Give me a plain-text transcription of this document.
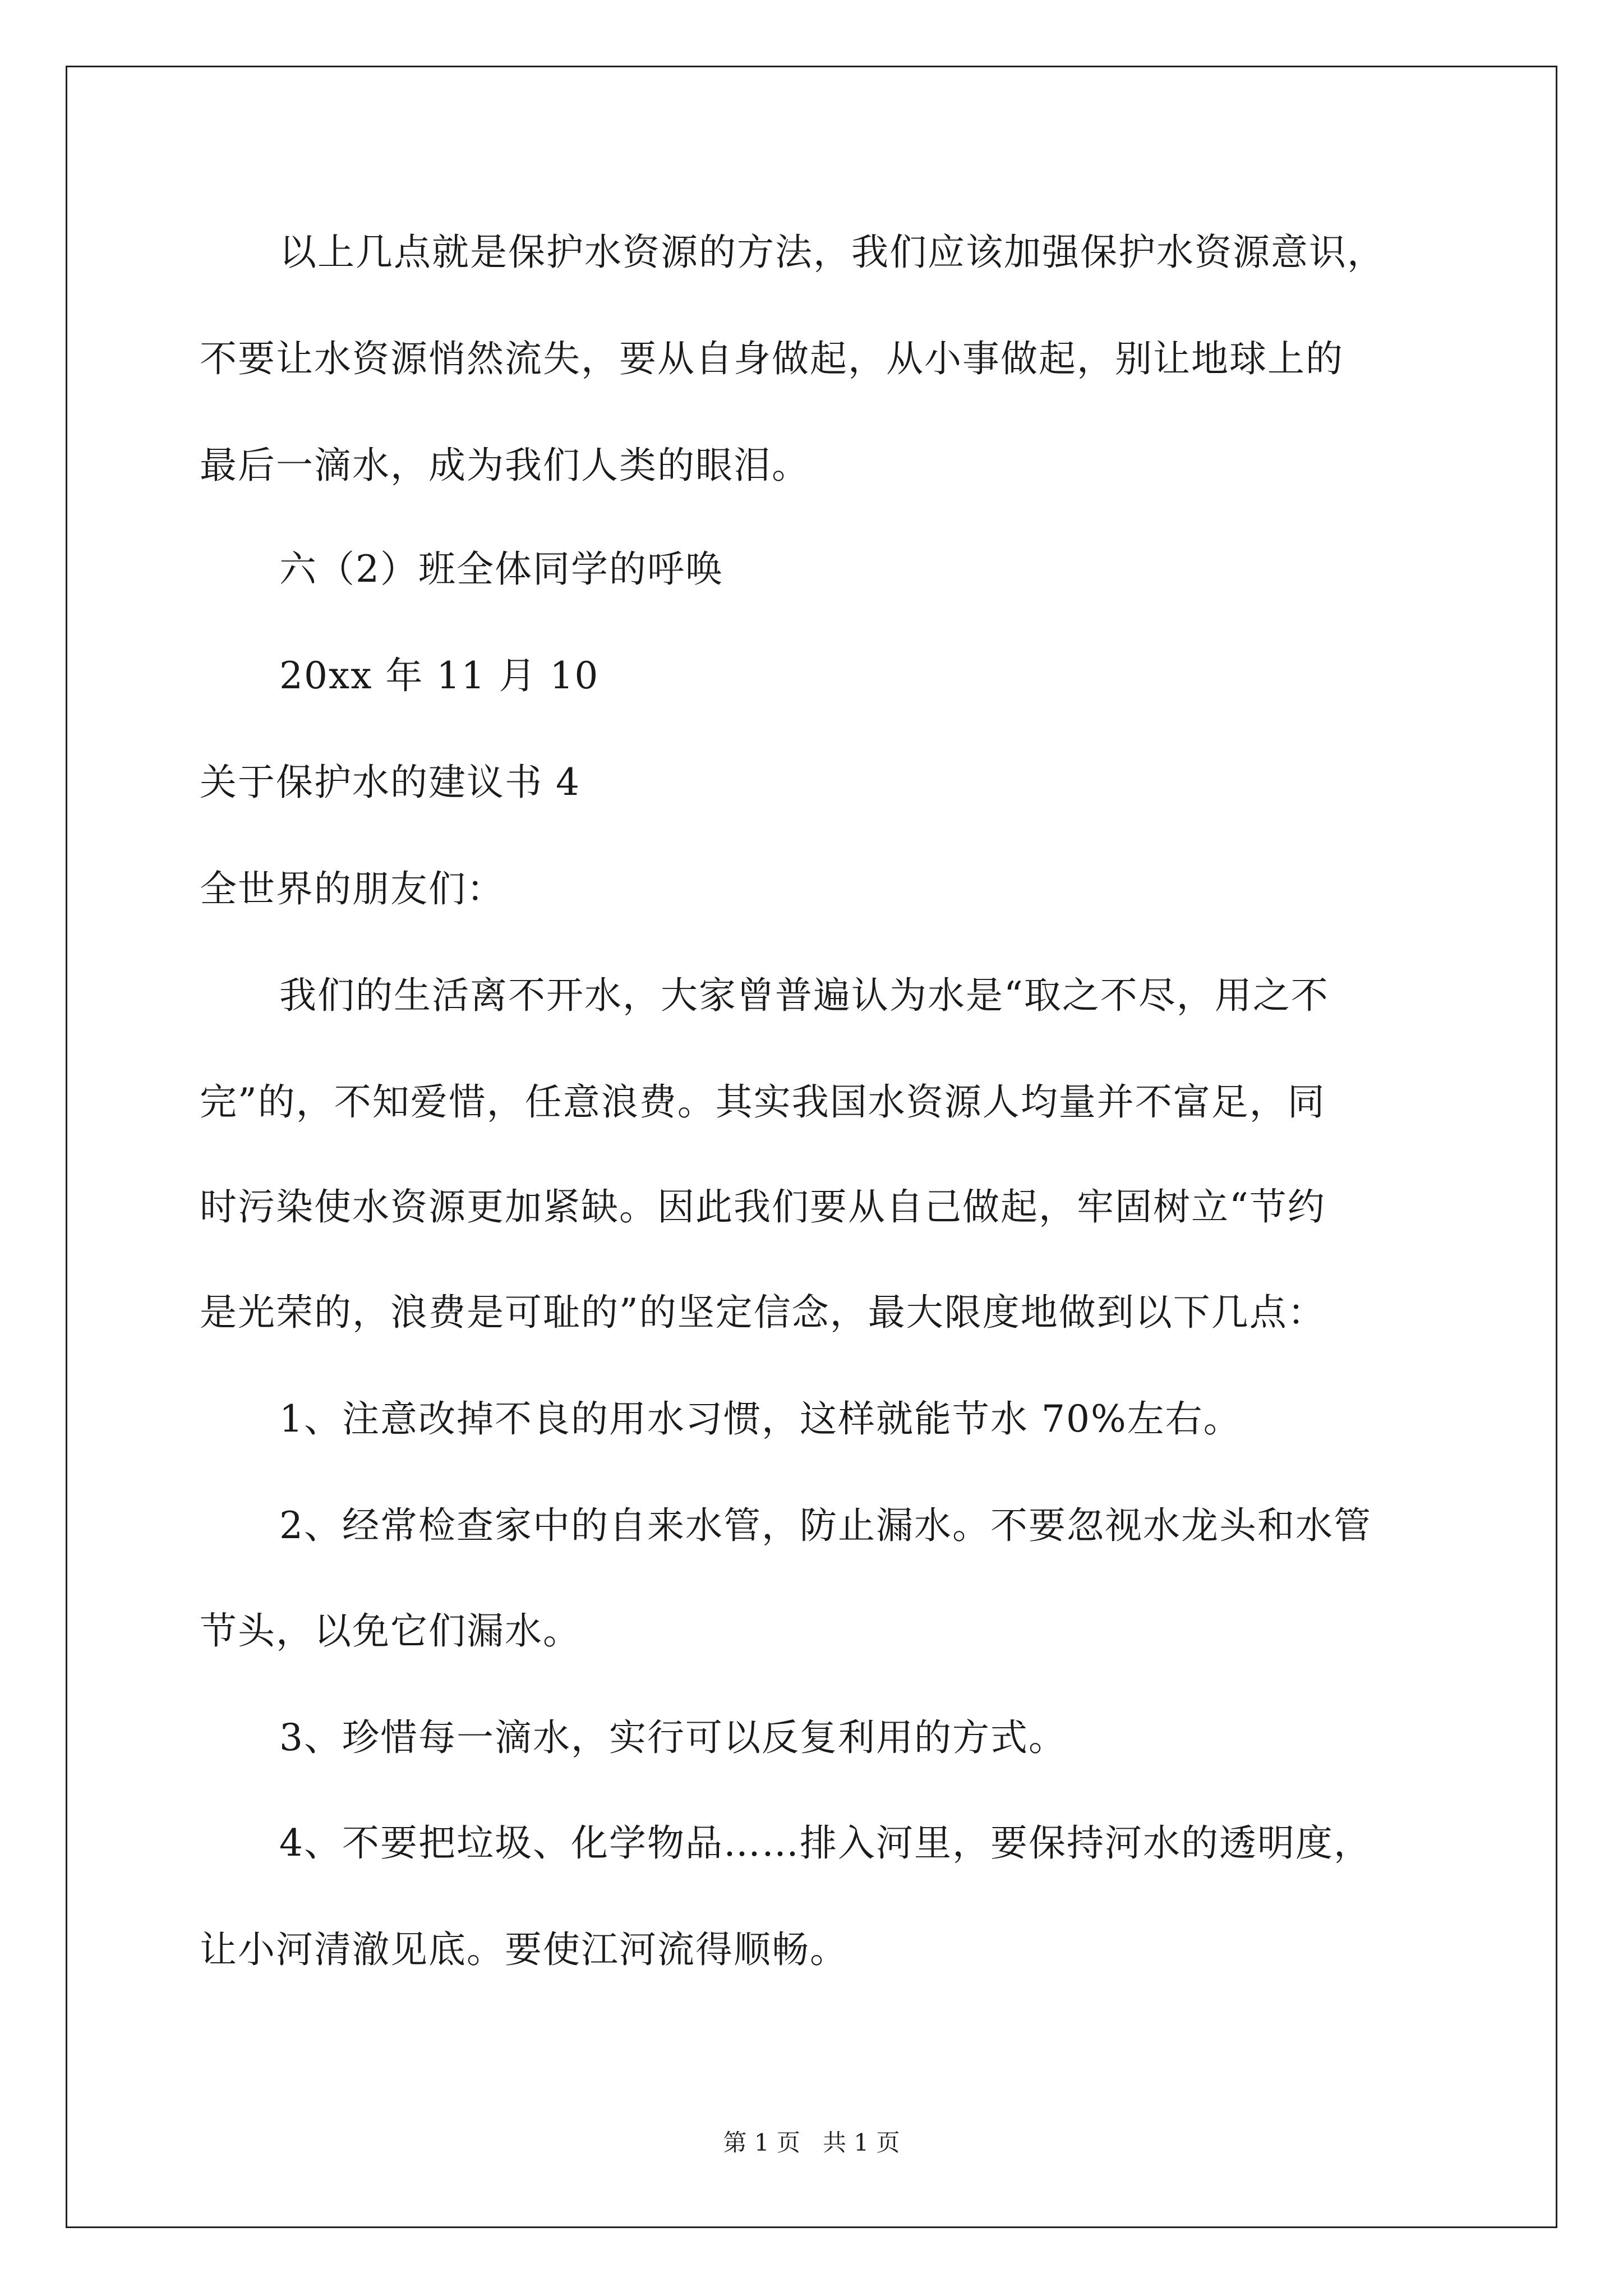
以上几点就是保护水资源的方法，我们应该加强保护水资源意识，
不要让水资源悄然流失，要从自身做起，从小事做起，别让地球上的
最后一滴水，成为我们人类的眼泪。
六（2）班全体同学的呼唤
20xx 年 11 月 10
关于保护水的建议书 4
全世界的朋友们：
我们的生活离不开水，大家曾普遍认为水是“取之不尽，用之不
完”的，不知爱惜，任意浪费。其实我国水资源人均量并不富足，同
时污染使水资源更加紧缺。因此我们要从自己做起，牢固树立“节约
是光荣的，浪费是可耻的”的坚定信念，最大限度地做到以下几点：
1、注意改掉不良的用水习惯，这样就能节水 70%左右。
2、经常检查家中的自来水管，防止漏水。不要忽视水龙头和水管
节头，以免它们漏水。
3、珍惜每一滴水，实行可以反复利用的方式。
4、不要把垃圾、化学物品……排入河里，要保持河水的透明度，
让小河清澈见底。要使江河流得顺畅。
第 1 页   共 1 页
